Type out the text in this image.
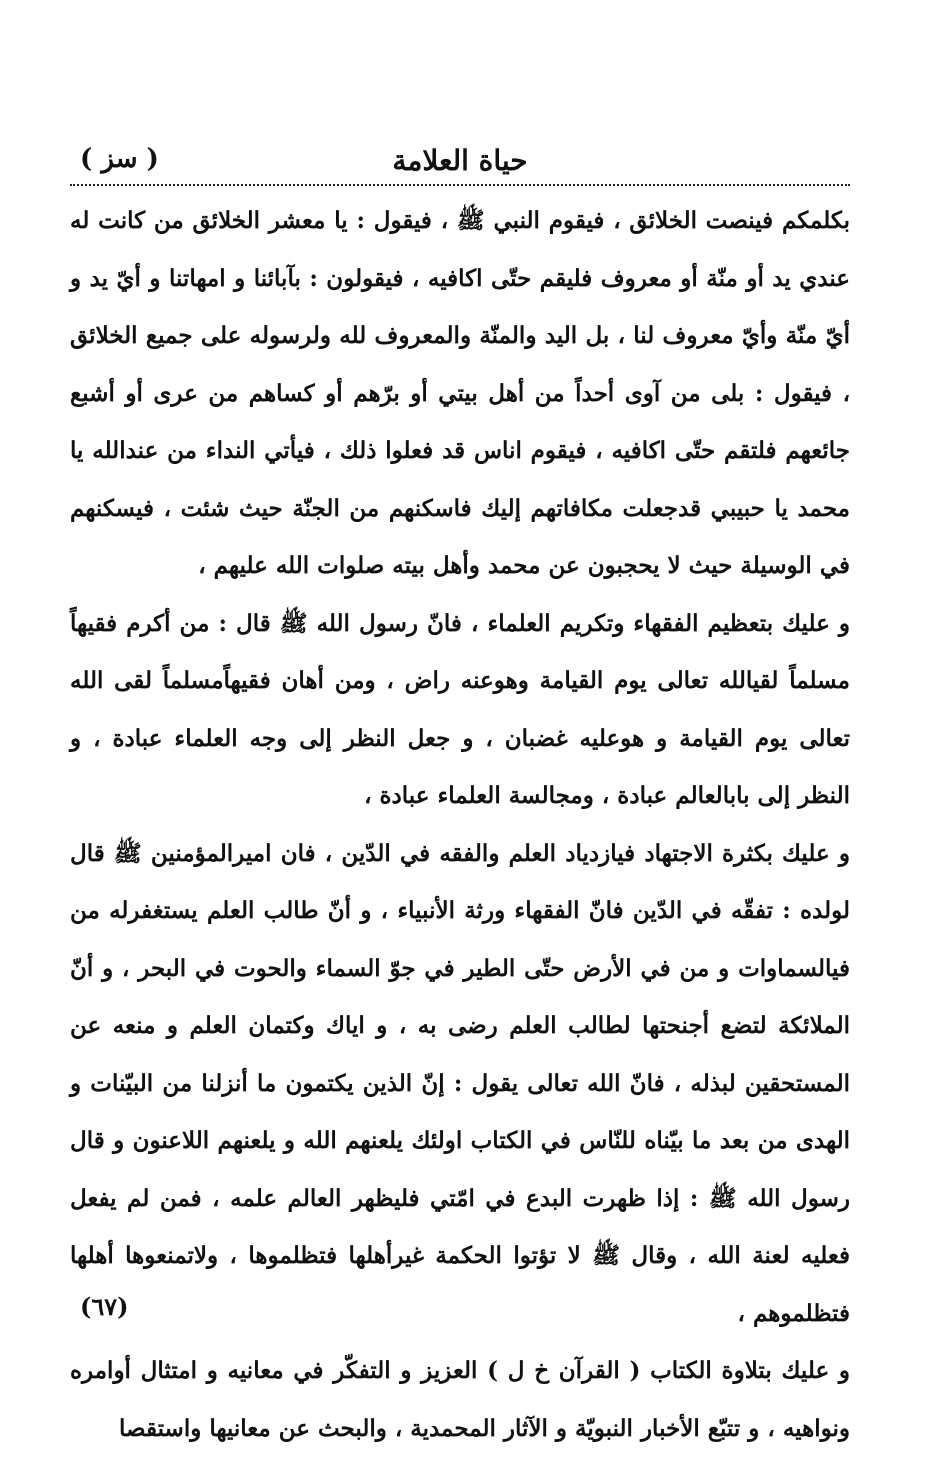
حياة العلامة
( سز )

بكلمكم فينصت الخلائق ، فيقوم النبي ﷺ ، فيقول : يا معشر الخلائق من كانت له عندي يد أو منّة أو معروف فليقم حتّى اكافيه ، فيقولون : بآبائنا و امهاتنا و أيّ يد و أيّ منّة وأيّ معروف لنا ، بل اليد والمنّة والمعروف لله ولرسوله على جميع الخلائق ، فيقول : بلى من آوى أحداً من أهل بيتي أو برّهم أو كساهم من عرى أو أشبع جائعهم فلتقم حتّى اكافيه ، فيقوم اناس قد فعلوا ذلك ، فيأتي النداء من عندالله يا محمد يا حبيبي قدجعلت مكافاتهم إليك فاسكنهم من الجنّة حيث شئت ، فيسكنهم في الوسيلة حيث لا يحجبون عن محمد وأهل بيته صلوات الله عليهم ،

و عليك بتعظيم الفقهاء وتكريم العلماء ، فانّ رسول الله ﷺ قال : من أكرم فقيهاً مسلماً لقيالله تعالى يوم القيامة وهوعنه راض ، ومن أهان فقيهاًمسلماً لقى الله تعالى يوم القيامة و هوعليه غضبان ، و جعل النظر إلى وجه العلماء عبادة ، و النظر إلى بابالعالم عبادة ، ومجالسة العلماء عبادة ،

و عليك بكثرة الاجتهاد فيازدياد العلم والفقه في الدّين ، فان اميرالمؤمنين ﷺ قال لولده : تفقّه في الدّين فانّ الفقهاء ورثة الأنبياء ، و أنّ طالب العلم يستغفرله من فيالسماوات و من في الأرض حتّى الطير في جوّ السماء والحوت في البحر ، و أنّ الملائكة لتضع أجنحتها لطالب العلم رضى به ، و اياك وكتمان العلم و منعه عن المستحقين لبذله ، فانّ الله تعالى يقول : إنّ الذين يكتمون ما أنزلنا من البيّنات و الهدى من بعد ما بيّناه للنّاس في الكتاب اولئك يلعنهم الله و يلعنهم اللاعنون و قال رسول الله ﷺ : إذا ظهرت البدع في امّتي فليظهر العالم علمه ، فمن لم يفعل فعليه لعنة الله ، وقال ﷺ لا تؤتوا الحكمة غيرأهلها فتظلموها ، ولاتمنعوها أهلها فتظلموهم ،

و عليك بتلاوة الكتاب ( القرآن خ ل ) العزيز و التفكّر في معانيه و امتثال أوامره ونواهيه ، و تتبّع الأخبار النبويّة و الآثار المحمدية ، والبحث عن معانيها واستقصا

(٦٧)
